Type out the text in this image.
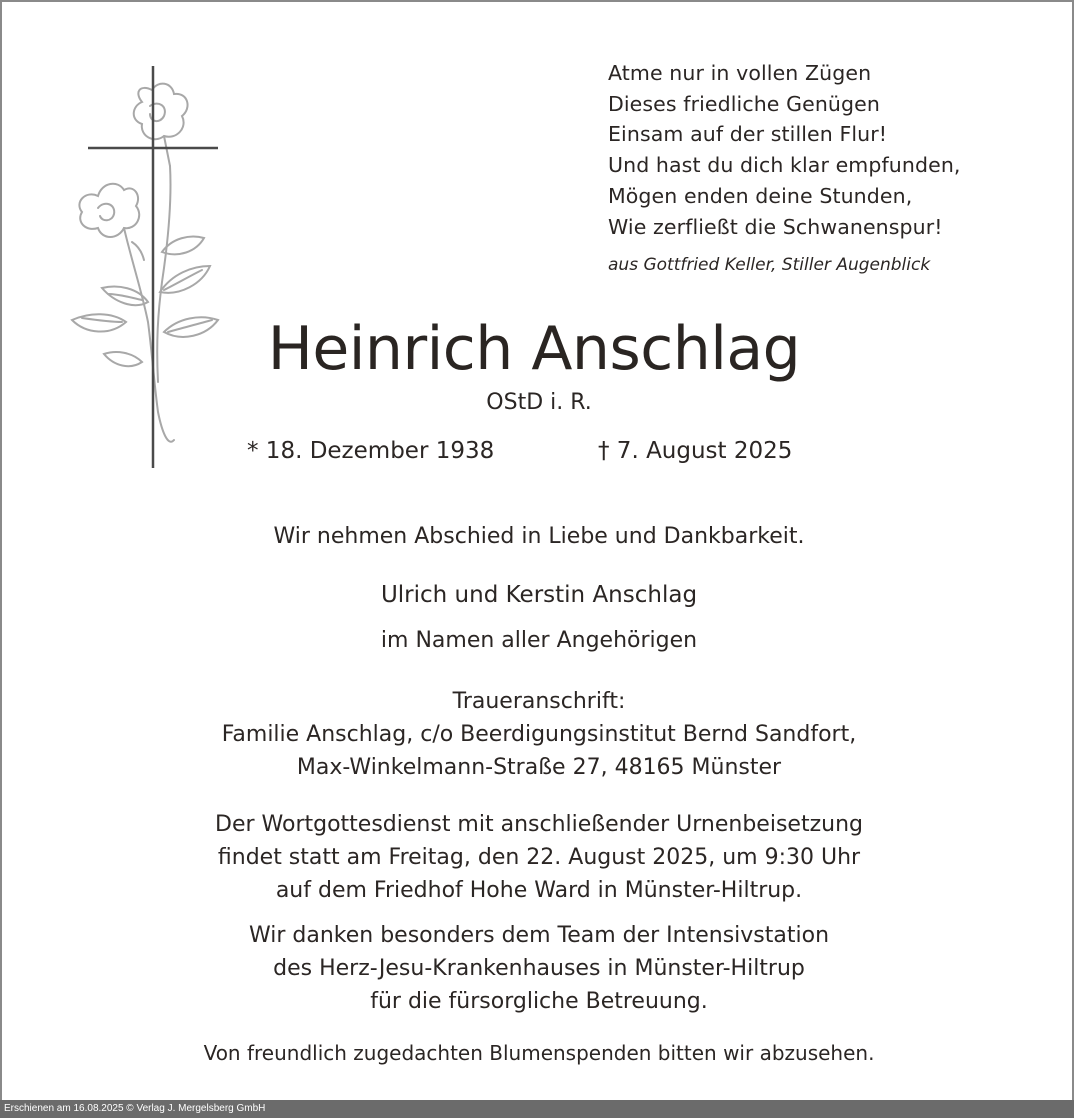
Atme nur in vollen Zügen
Dieses friedliche Genügen
Einsam auf der stillen Flur!
Und hast du dich klar empfunden,
Mögen enden deine Stunden,
Wie zerfließt die Schwanenspur!
aus Gottfried Keller, Stiller Augenblick
Heinrich Anschlag
OStD i. R.
* 18. Dezember 1938	† 7. August 2025
Wir nehmen Abschied in Liebe und Dankbarkeit.
Ulrich und Kerstin Anschlag
im Namen aller Angehörigen
Traueranschrift:
Familie Anschlag, c/o Beerdigungsinstitut Bernd Sandfort,
Max-Winkelmann-Straße 27, 48165 Münster
Der Wortgottesdienst mit anschließender Urnenbeisetzung
findet statt am Freitag, den 22. August 2025, um 9:30 Uhr
auf dem Friedhof Hohe Ward in Münster-Hiltrup.
Wir danken besonders dem Team der Intensivstation
des Herz-Jesu-Krankenhauses in Münster-Hiltrup
für die fürsorgliche Betreuung.
Von freundlich zugedachten Blumenspenden bitten wir abzusehen.
Erschienen am 16.08.2025 © Verlag J. Mergelsberg GmbH
